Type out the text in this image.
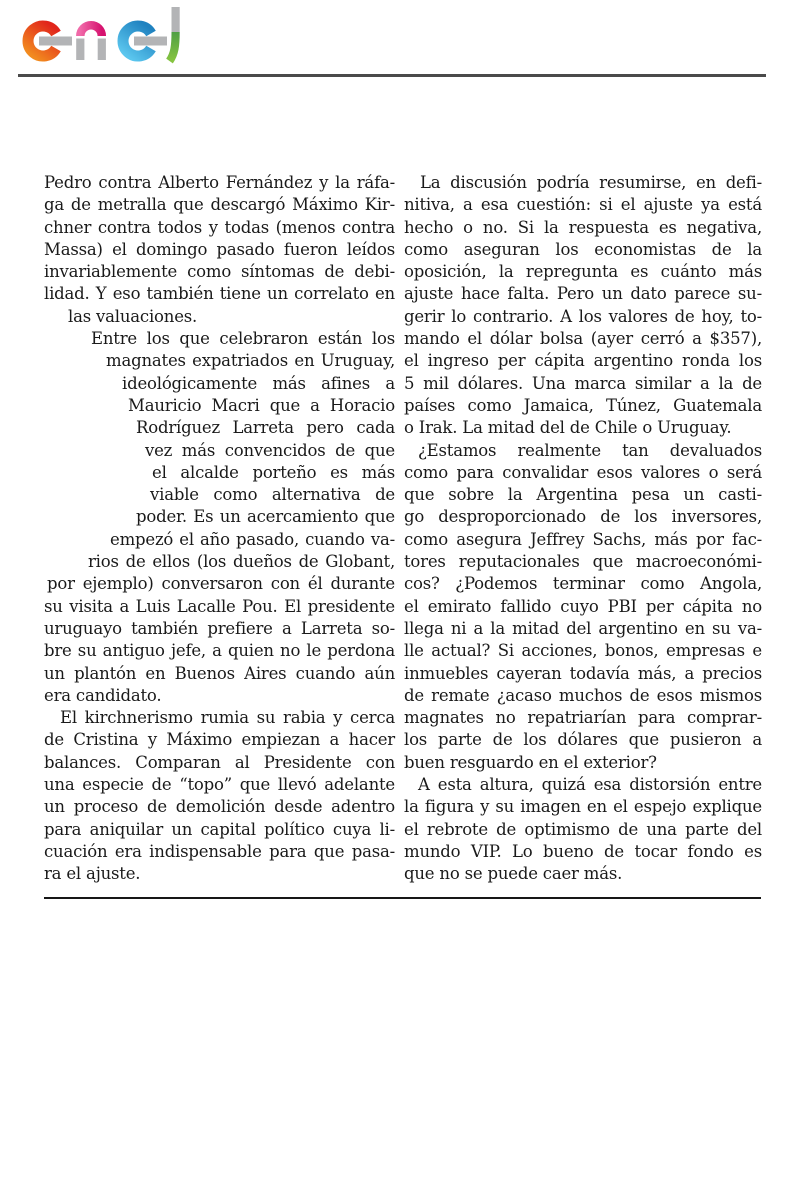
Pedro contra Alberto Fernández y la ráfa-
ga de metralla que descargó Máximo Kir-
chner contra todos y todas (menos contra
Massa) el domingo pasado fueron leídos
invariablemente como síntomas de debi-
lidad. Y eso también tiene un correlato en
las valuaciones.
Entre los que celebraron están los
magnates expatriados en Uruguay,
ideológicamente más afines a
Mauricio Macri que a Horacio
Rodríguez Larreta pero cada
vez más convencidos de que
el alcalde porteño es más
viable como alternativa de
poder. Es un acercamiento que
empezó el año pasado, cuando va-
rios de ellos (los dueños de Globant,
por ejemplo) conversaron con él durante
su visita a Luis Lacalle Pou. El presidente
uruguayo también prefiere a Larreta so-
bre su antiguo jefe, a quien no le perdona
un plantón en Buenos Aires cuando aún
era candidato.
El kirchnerismo rumia su rabia y cerca
de Cristina y Máximo empiezan a hacer
balances. Comparan al Presidente con
una especie de “topo” que llevó adelante
un proceso de demolición desde adentro
para aniquilar un capital político cuya li-
cuación era indispensable para que pasa-
ra el ajuste.
La discusión podría resumirse, en defi-
nitiva, a esa cuestión: si el ajuste ya está
hecho o no. Si la respuesta es negativa,
como aseguran los economistas de la
oposición, la repregunta es cuánto más
ajuste hace falta. Pero un dato parece su-
gerir lo contrario. A los valores de hoy, to-
mando el dólar bolsa (ayer cerró a $357),
el ingreso per cápita argentino ronda los
5 mil dólares. Una marca similar a la de
países como Jamaica, Túnez, Guatemala
o Irak. La mitad del de Chile o Uruguay.
¿Estamos realmente tan devaluados
como para convalidar esos valores o será
que sobre la Argentina pesa un casti-
go desproporcionado de los inversores,
como asegura Jeffrey Sachs, más por fac-
tores reputacionales que macroeconómi-
cos? ¿Podemos terminar como Angola,
el emirato fallido cuyo PBI per cápita no
llega ni a la mitad del argentino en su va-
lle actual? Si acciones, bonos, empresas e
inmuebles cayeran todavía más, a precios
de remate ¿acaso muchos de esos mismos
magnates no repatriarían para comprar-
los parte de los dólares que pusieron a
buen resguardo en el exterior?
A esta altura, quizá esa distorsión entre
la figura y su imagen en el espejo explique
el rebrote de optimismo de una parte del
mundo VIP. Lo bueno de tocar fondo es
que no se puede caer más.
